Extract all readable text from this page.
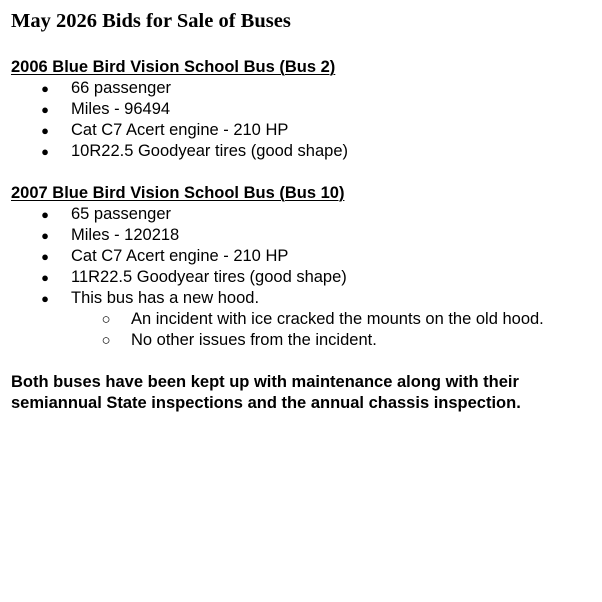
May 2026 Bids for Sale of Buses
2006 Blue Bird Vision School Bus (Bus 2)
● 66 passenger
● Miles - 96494
● Cat C7 Acert engine - 210 HP
● 10R22.5 Goodyear tires (good shape)
2007 Blue Bird Vision School Bus (Bus 10)
● 65 passenger
● Miles - 120218
● Cat C7 Acert engine - 210 HP
● 11R22.5 Goodyear tires (good shape)
● This bus has a new hood.
○ An incident with ice cracked the mounts on the old hood.
○ No other issues from the incident.

Both buses have been kept up with maintenance along with their
semiannual State inspections and the annual chassis inspection.
